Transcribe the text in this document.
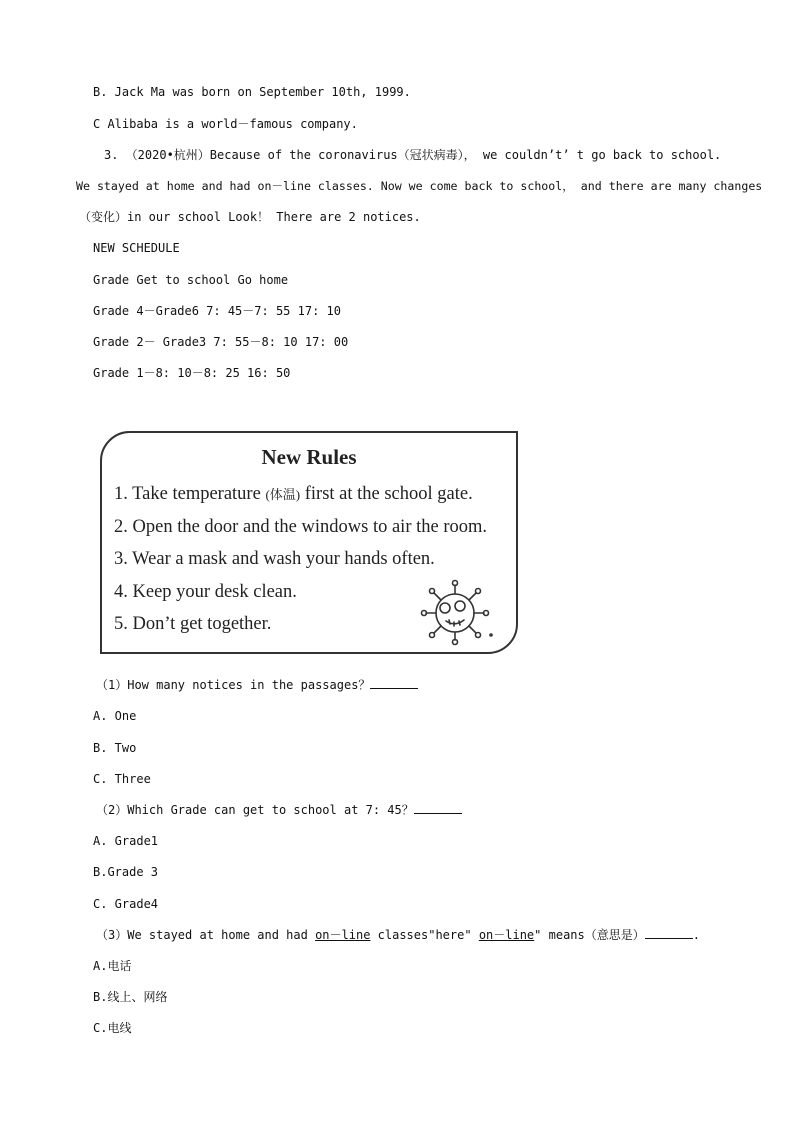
B. Jack Ma was born on September 10th, 1999.
C Alibaba is a world－famous company.
3. （2020•杭州）Because of the coronavirus（冠状病毒）， we couldn’t’ t go back to school.
We stayed at home and had on－line classes. Now we come back to school， and there are many changes
（变化）in our school Look！ There are 2 notices.
NEW SCHEDULE
Grade Get to school Go home
Grade 4－Grade6 7: 45－7: 55 17: 10
Grade 2－ Grade3 7: 55－8: 10 17: 00
Grade 1－8: 10－8: 25 16: 50
New Rules
1. Take temperature (体温) first at the school gate.
2. Open the door and the windows to air the room.
3. Wear a mask and wash your hands often.
4. Keep your desk clean.
5. Don’t get together.
（1）How many notices in the passages？
A. One
B. Two
C. Three
（2）Which Grade can get to school at 7: 45？
A. Grade1
B.Grade 3
C. Grade4
（3）We stayed at home and had on－line classes"here" on－line" means（意思是）	.
A.电话
B.线上、网络
C.电线
